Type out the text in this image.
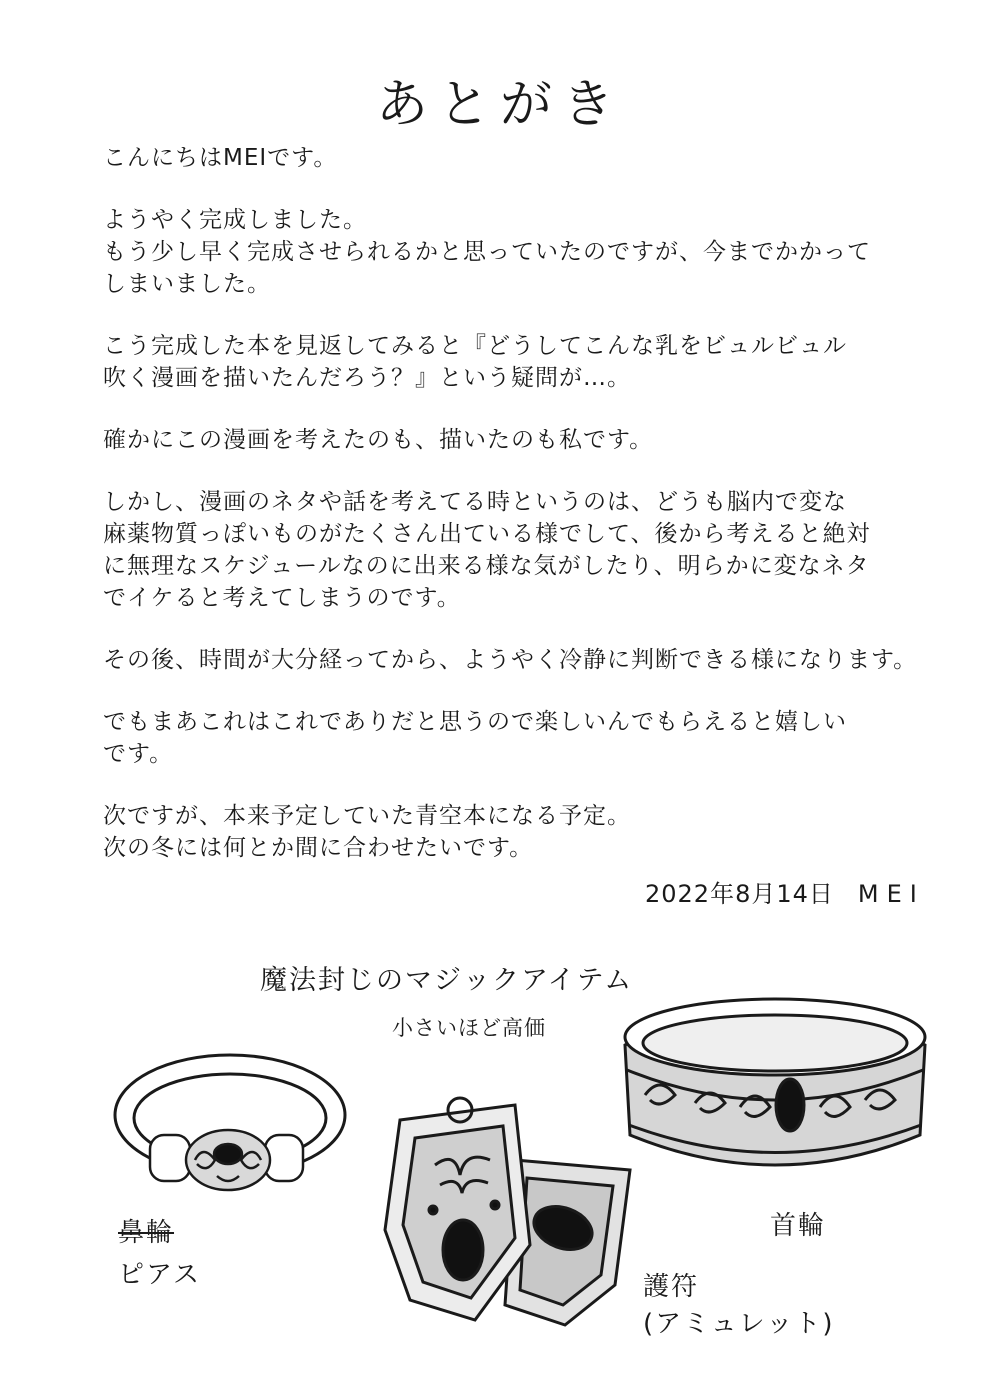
あとがき
こんにちはMEIです。
ようやく完成しました。
もう少し早く完成させられるかと思っていたのですが、今までかかって
しまいました。
こう完成した本を見返してみると『どうしてこんな乳をビュルビュル
吹く漫画を描いたんだろう？』という疑問が…。
確かにこの漫画を考えたのも、描いたのも私です。
しかし、漫画のネタや話を考えてる時というのは、どうも脳内で変な
麻薬物質っぽいものがたくさん出ている様でして、後から考えると絶対
に無理なスケジュールなのに出来る様な気がしたり、明らかに変なネタ
でイケると考えてしまうのです。
その後、時間が大分経ってから、ようやく冷静に判断できる様になります。
でもまあこれはこれでありだと思うので楽しいんでもらえると嬉しい
です。
次ですが、本来予定していた青空本になる予定。
次の冬には何とか間に合わせたいです。
2022年8月14日 MEI
魔法封じのマジックアイテム
小さいほど高価
鼻輪
ピアス
首輪
護符
(アミュレット)
